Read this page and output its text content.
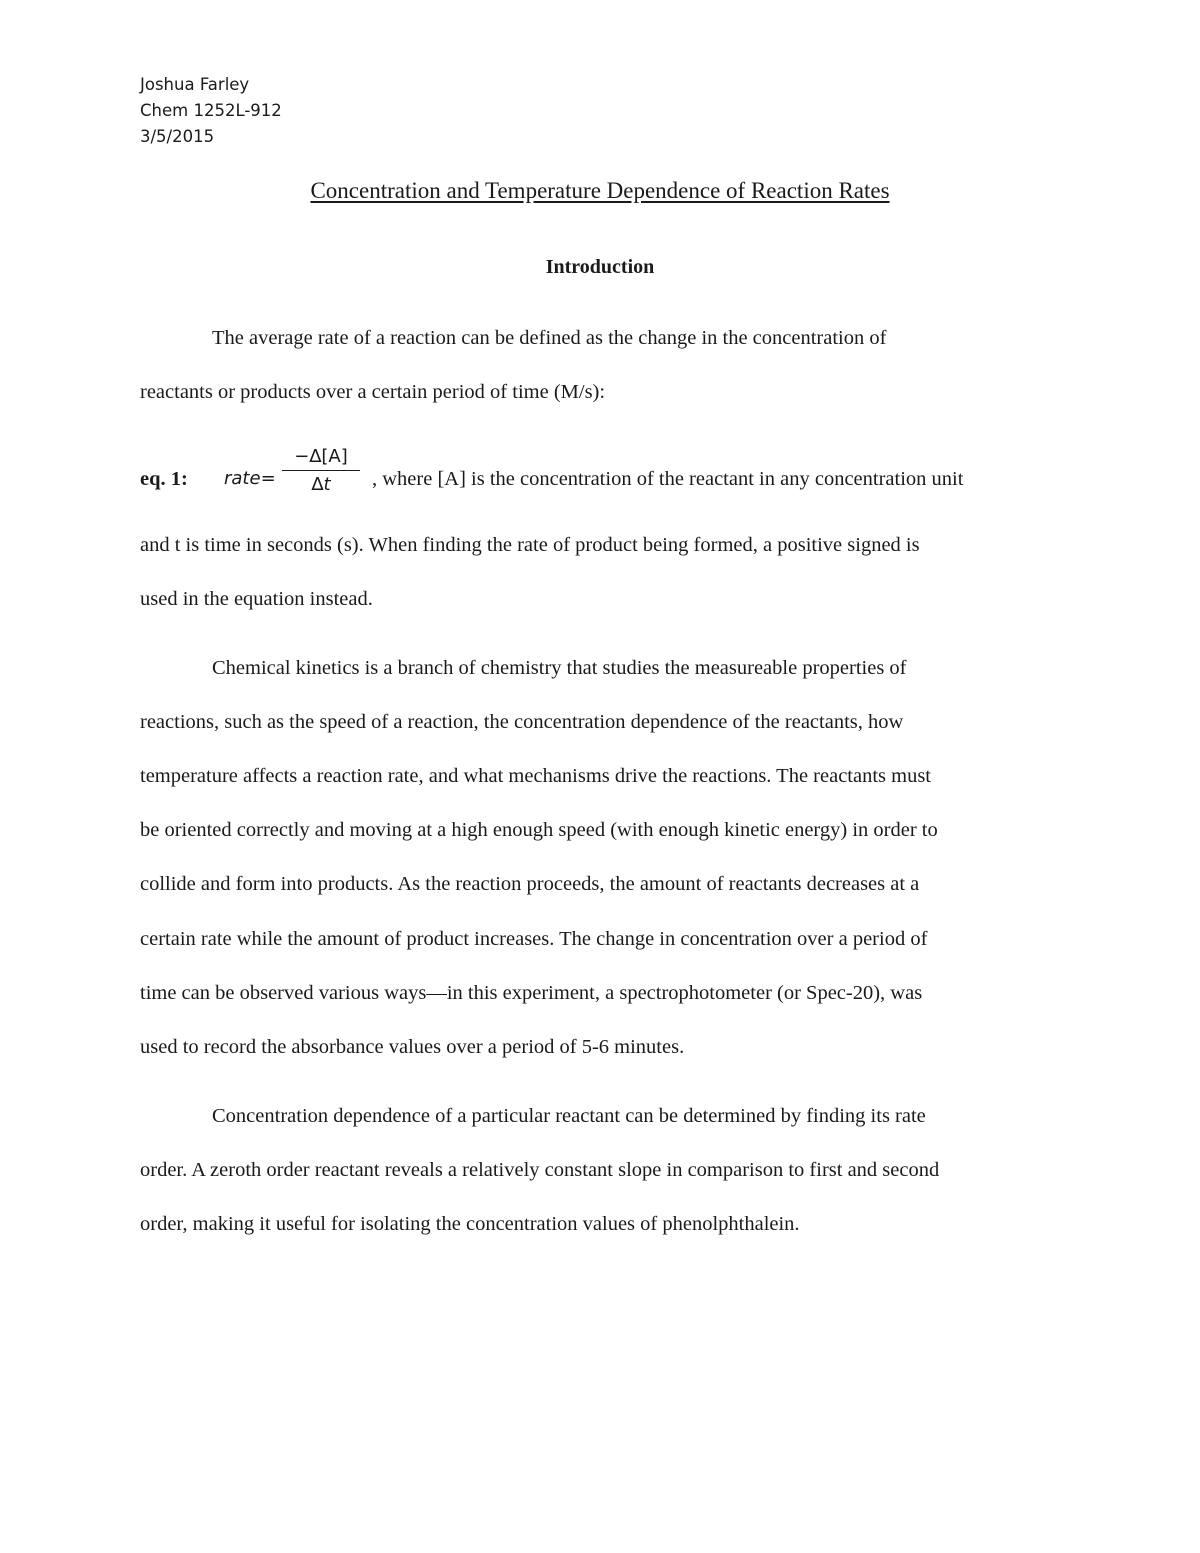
Joshua Farley
Chem 1252L-912
3/5/2015
Concentration and Temperature Dependence of Reaction Rates
Introduction
The average rate of a reaction can be defined as the change in the concentration of
reactants or products over a certain period of time (M/s):
eq. 1: rate= $\frac{-\Delta[A]}{\Delta t}$ , where [A] is the concentration of the reactant in any concentration unit
and t is time in seconds (s). When finding the rate of product being formed, a positive signed is
used in the equation instead.
Chemical kinetics is a branch of chemistry that studies the measureable properties of
reactions, such as the speed of a reaction, the concentration dependence of the reactants, how
temperature affects a reaction rate, and what mechanisms drive the reactions. The reactants must
be oriented correctly and moving at a high enough speed (with enough kinetic energy) in order to
collide and form into products. As the reaction proceeds, the amount of reactants decreases at a
certain rate while the amount of product increases. The change in concentration over a period of
time can be observed various ways—in this experiment, a spectrophotometer (or Spec-20), was
used to record the absorbance values over a period of 5-6 minutes.
Concentration dependence of a particular reactant can be determined by finding its rate
order. A zeroth order reactant reveals a relatively constant slope in comparison to first and second
order, making it useful for isolating the concentration values of phenolphthalein.
